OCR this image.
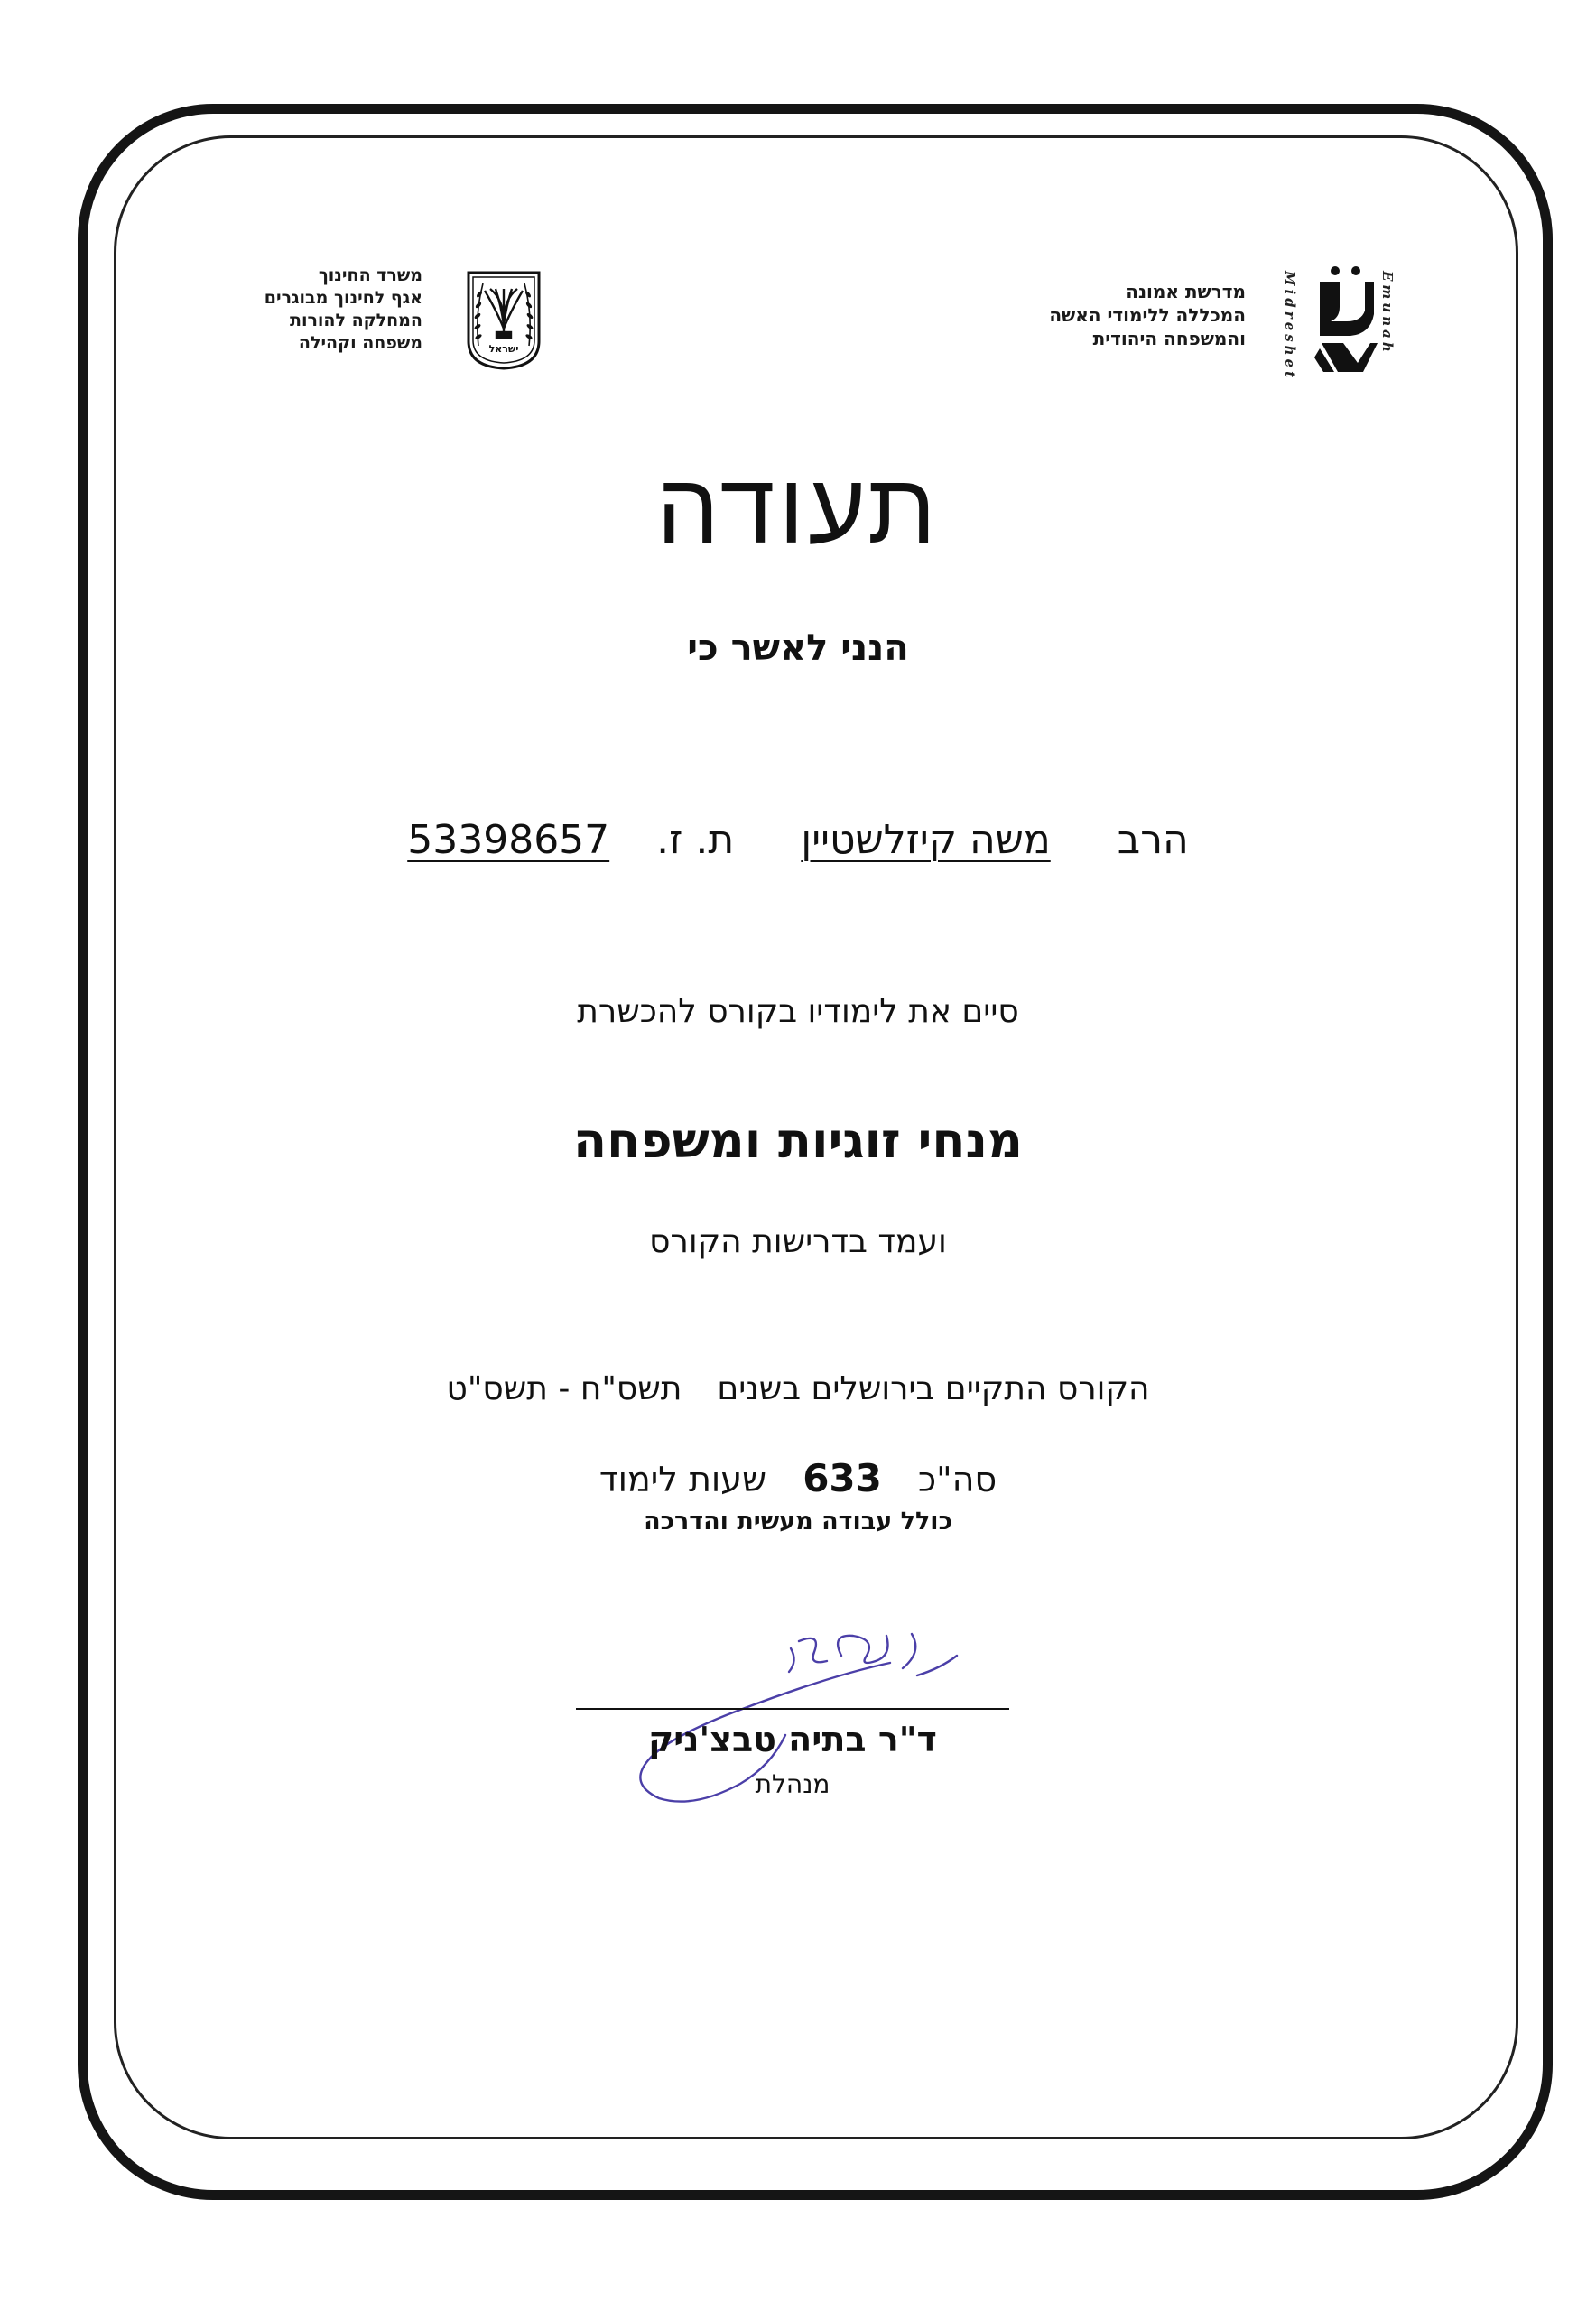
משרד החינוך
אגף לחינוך מבוגרים
המחלקה להורות
משפחה וקהילה	ישראל
מדרשת אמונה
המכללה ללימודי האשה
והמשפחה היהודית	Midreshet	Emunah
תעודה
הנני לאשר כי
הרב  משה קיזלשטיין  ת. ז.  53398657
סיים את לימודיו בקורס להכשרת
מנחי זוגיות ומשפחה
ועמד בדרישות הקורס
הקורס התקיים בירושלים בשנים  תשס"ח - תשס"ט
סה"כ  633  שעות לימוד
כולל עבודה מעשית והדרכה
ד"ר בתיה טבצ'ניק
מנהלת
